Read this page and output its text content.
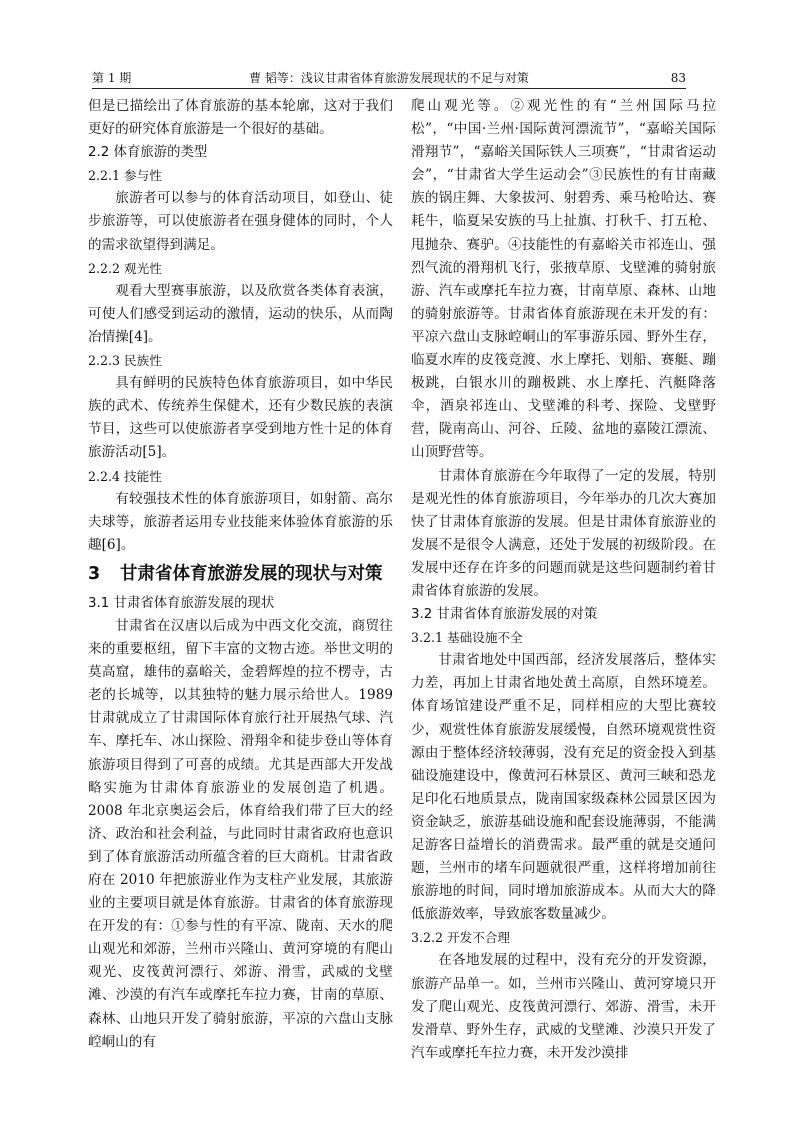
第 1 期	曹 韬等：浅议甘肃省体育旅游发展现状的不足与对策	83

但是已描绘出了体育旅游的基本轮廓，这对于我们更好的研究体育旅游是一个很好的基础。

2.2 体育旅游的类型
2.2.1 参与性

旅游者可以参与的体育活动项目，如登山、徒步旅游等，可以使旅游者在强身健体的同时，个人的需求欲望得到满足。

2.2.2 观光性

观看大型赛事旅游，以及欣赏各类体育表演，可使人们感受到运动的激情，运动的快乐，从而陶冶情操[4]。

2.2.3 民族性

具有鲜明的民族特色体育旅游项目，如中华民族的武术、传统养生保健术，还有少数民族的表演节目，这些可以使旅游者享受到地方性十足的体育旅游活动[5]。

2.2.4 技能性

有较强技术性的体育旅游项目，如射箭、高尔夫球等，旅游者运用专业技能来体验体育旅游的乐趣[6]。

3	甘肃省体育旅游发展的现状与对策
3.1 甘肃省体育旅游发展的现状

甘肃省在汉唐以后成为中西文化交流，商贸往来的重要枢纽，留下丰富的文物古迹。举世文明的莫高窟，雄伟的嘉峪关，金碧辉煌的拉不楞寺，古老的长城等，以其独特的魅力展示给世人。1989 甘肃就成立了甘肃国际体育旅行社开展热气球、汽车、摩托车、冰山探险、滑翔伞和徒步登山等体育旅游项目得到了可喜的成绩。尤其是西部大开发战略实施为甘肃体育旅游业的发展创造了机遇。2008 年北京奥运会后，体育给我们带了巨大的经济、政治和社会利益，与此同时甘肃省政府也意识到了体育旅游活动所蕴含着的巨大商机。甘肃省政府在 2010 年把旅游业作为支柱产业发展，其旅游业的主要项目就是体育旅游。甘肃省的体育旅游现在开发的有：①参与性的有平凉、陇南、天水的爬山观光和郊游，兰州市兴隆山、黄河穿境的有爬山观光、皮筏黄河漂行、郊游、滑雪，武威的戈壁滩、沙漠的有汽车或摩托车拉力赛，甘南的草原、森林、山地只开发了骑射旅游，平凉的六盘山支脉崆峒山的有

爬山观光等。②观光性的有“兰州国际马拉松”，“中国·兰州·国际黄河漂流节”，“嘉峪关国际滑翔节”，“嘉峪关国际铁人三项赛”，“甘肃省运动会”，“甘肃省大学生运动会”③民族性的有甘南藏族的锅庄舞、大象拔河、射碧秀、乘马枪哈达、赛耗牛，临夏呆安族的马上扯旗、打秋千、打五枪、甩抛杂、赛驴。④技能性的有嘉峪关市祁连山、强烈气流的滑翔机飞行，张掖草原、戈壁滩的骑射旅游、汽车或摩托车拉力赛，甘南草原、森林、山地的骑射旅游等。甘肃省体育旅游现在未开发的有：平凉六盘山支脉崆峒山的军事游乐园、野外生存，临夏水库的皮筏竞渡、水上摩托、划船、赛艇、蹦极跳，白银水川的蹦极跳、水上摩托、汽艇降落伞，酒泉祁连山、戈壁滩的科考、探险、戈壁野营，陇南高山、河谷、丘陵、盆地的嘉陵江漂流、山顶野营等。

甘肃体育旅游在今年取得了一定的发展，特别是观光性的体育旅游项目，今年举办的几次大赛加快了甘肃体育旅游的发展。但是甘肃体育旅游业的发展不是很令人满意，还处于发展的初级阶段。在发展中还存在许多的问题而就是这些问题制约着甘肃省体育旅游的发展。

3.2 甘肃省体育旅游发展的对策
3.2.1 基础设施不全

甘肃省地处中国西部，经济发展落后，整体实力差，再加上甘肃省地处黄土高原，自然环境差。体育场馆建设严重不足，同样相应的大型比赛较少，观赏性体育旅游发展缓慢，自然环境观赏性资源由于整体经济较薄弱，没有充足的资金投入到基础设施建设中，像黄河石林景区、黄河三峡和恐龙足印化石地质景点，陇南国家级森林公园景区因为资金缺乏，旅游基础设施和配套设施薄弱，不能满足游客日益增长的消费需求。最严重的就是交通问题，兰州市的堵车问题就很严重，这样将增加前往旅游地的时间，同时增加旅游成本。从而大大的降低旅游效率，导致旅客数量减少。

3.2.2 开发不合理

在各地发展的过程中，没有充分的开发资源，旅游产品单一。如，兰州市兴隆山、黄河穿境只开发了爬山观光、皮筏黄河漂行、郊游、滑雪，未开发滑草、野外生存，武威的戈壁滩、沙漠只开发了汽车或摩托车拉力赛，未开发沙漠排
